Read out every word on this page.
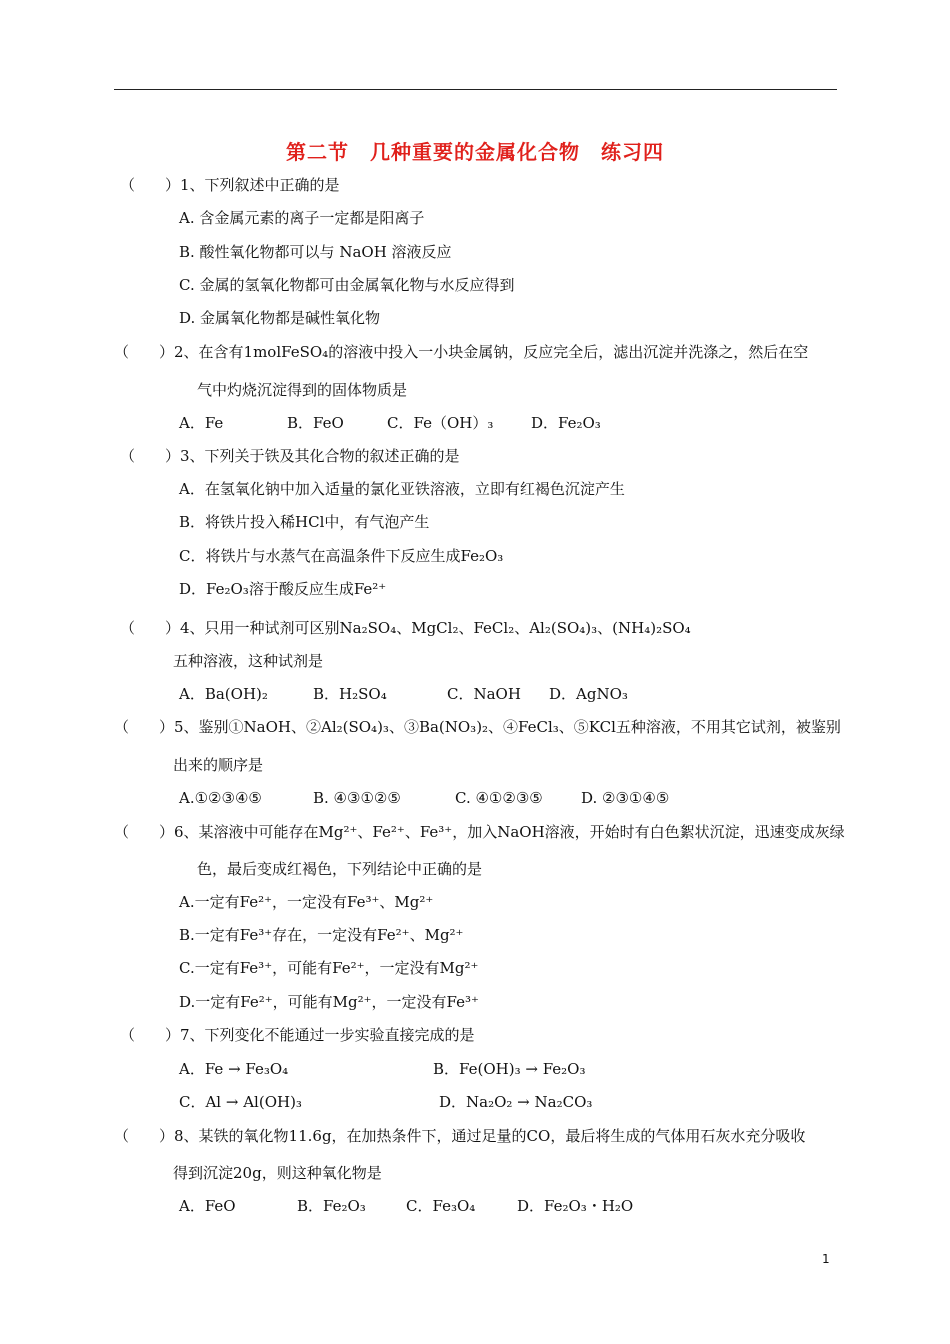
第二节　几种重要的金属化合物　练习四
（　　）1、下列叙述中正确的是
A. 含金属元素的离子一定都是阳离子
B. 酸性氧化物都可以与 NaOH 溶液反应
C. 金属的氢氧化物都可由金属氧化物与水反应得到
D. 金属氧化物都是碱性氧化物
（　　）2、在含有1molFeSO₄的溶液中投入一小块金属钠，反应完全后，滤出沉淀并洗涤之，然后在空
气中灼烧沉淀得到的固体物质是
A．Fe	B．FeO	C．Fe（OH）₃	D．Fe₂O₃
（　　）3、下列关于铁及其化合物的叙述正确的是
A．在氢氧化钠中加入适量的氯化亚铁溶液，立即有红褐色沉淀产生
B．将铁片投入稀HCl中，有气泡产生
C．将铁片与水蒸气在高温条件下反应生成Fe₂O₃
D．Fe₂O₃溶于酸反应生成Fe²⁺
（　　）4、只用一种试剂可区别Na₂SO₄、MgCl₂、FeCl₂、Al₂(SO₄)₃、(NH₄)₂SO₄
五种溶液，这种试剂是
A．Ba(OH)₂	B．H₂SO₄	C．NaOH D．AgNO₃
（　　）5、鉴别①NaOH、②Al₂(SO₄)₃、③Ba(NO₃)₂、④FeCl₃、⑤KCl五种溶液，不用其它试剂，被鉴别
出来的顺序是
A.①②③④⑤	B. ④③①②⑤	C. ④①②③⑤	D. ②③①④⑤
（　　）6、某溶液中可能存在Mg²⁺、Fe²⁺、Fe³⁺，加入NaOH溶液，开始时有白色絮状沉淀，迅速变成灰绿
色，最后变成红褐色，下列结论中正确的是
A.一定有Fe²⁺，一定没有Fe³⁺、Mg²⁺
B.一定有Fe³⁺存在，一定没有Fe²⁺、Mg²⁺
C.一定有Fe³⁺，可能有Fe²⁺，一定没有Mg²⁺
D.一定有Fe²⁺，可能有Mg²⁺，一定没有Fe³⁺
（　　）7、下列变化不能通过一步实验直接完成的是
A．Fe → Fe₃O₄	B．Fe(OH)₃ → Fe₂O₃
C．Al → Al(OH)₃	D．Na₂O₂ → Na₂CO₃
（　　）8、某铁的氧化物11.6g，在加热条件下，通过足量的CO，最后将生成的气体用石灰水充分吸收
得到沉淀20g，则这种氧化物是
A．FeO	B．Fe₂O₃	C．Fe₃O₄	D．Fe₂O₃・H₂O
1
